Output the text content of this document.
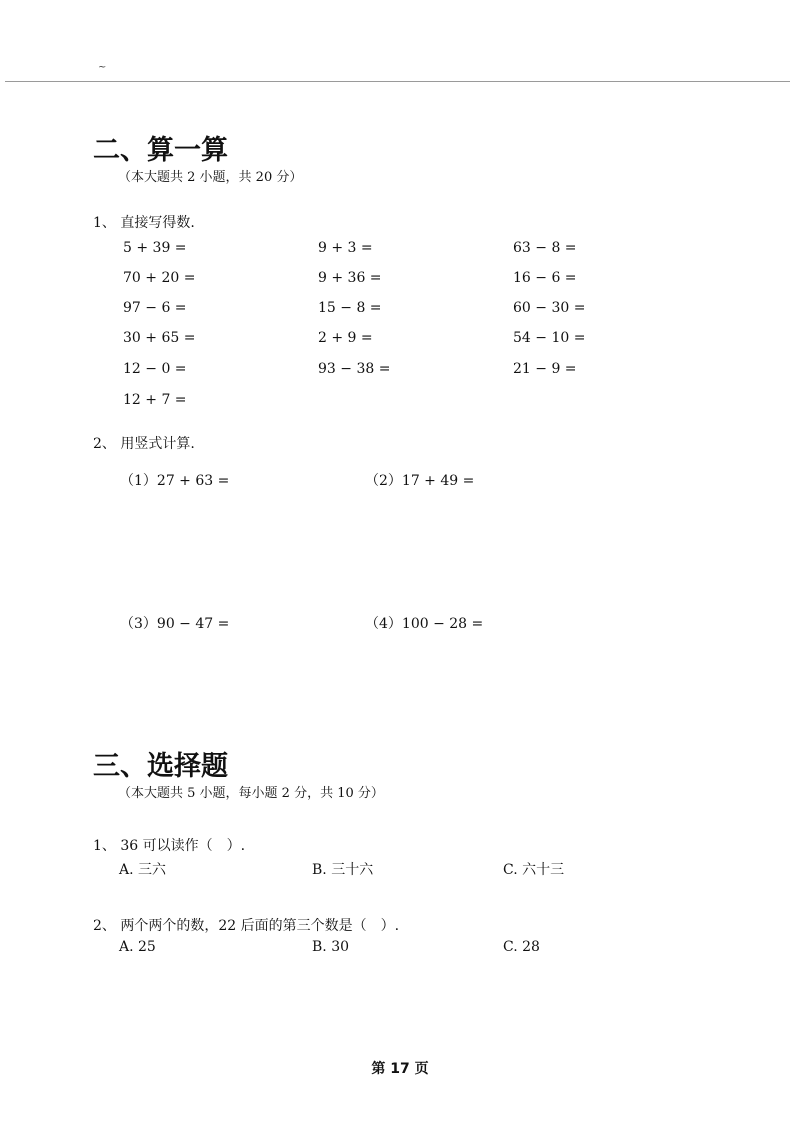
~
二、算一算
（本大题共 2 小题，共 20 分）
1、 直接写得数.
5 + 39 =	9 + 3 =	63 − 8 =
70 + 20 =	9 + 36 =	16 − 6 =
97 − 6 =	15 − 8 =	60 − 30 =
30 + 65 =	2 + 9 =	54 − 10 =
12 − 0 =	93 − 38 =	21 − 9 =
12 + 7 =
2、 用竖式计算.
（1）27 + 63 =	（2）17 + 49 =
（3）90 − 47 =	（4）100 − 28 =
三、选择题
（本大题共 5 小题，每小题 2 分，共 10 分）
1、 36 可以读作（　）.
A. 三六	B. 三十六	C. 六十三
2、 两个两个的数，22 后面的第三个数是（　）.
A. 25	B. 30	C. 28
第 17 页
